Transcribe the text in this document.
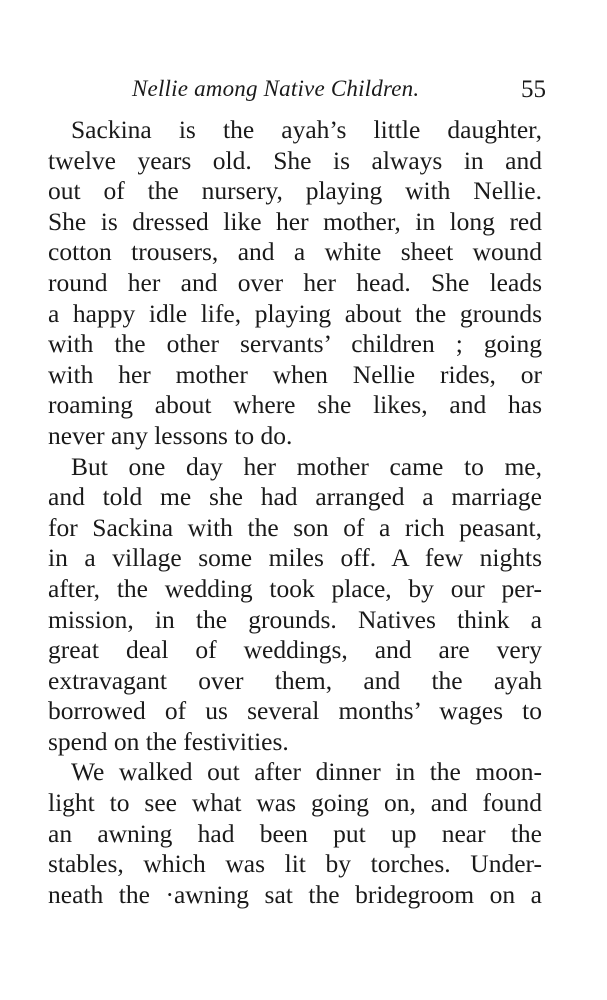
Nellie among Native Children.	55
Sackina is the ayah’s little daughter,
twelve years old. She is always in and
out of the nursery, playing with Nellie.
She is dressed like her mother, in long red
cotton trousers, and a white sheet wound
round her and over her head. She leads
a happy idle life, playing about the grounds
with the other servants’ children ; going
with her mother when Nellie rides, or
roaming about where she likes, and has
never any lessons to do.
But one day her mother came to me,
and told me she had arranged a marriage
for Sackina with the son of a rich peasant,
in a village some miles off. A few nights
after, the wedding took place, by our per-
mission, in the grounds. Natives think a
great deal of weddings, and are very
extravagant over them, and the ayah
borrowed of us several months’ wages to
spend on the festivities.
We walked out after dinner in the moon-
light to see what was going on, and found
an awning had been put up near the
stables, which was lit by torches. Under-
neath the ·awning sat the bridegroom on a
